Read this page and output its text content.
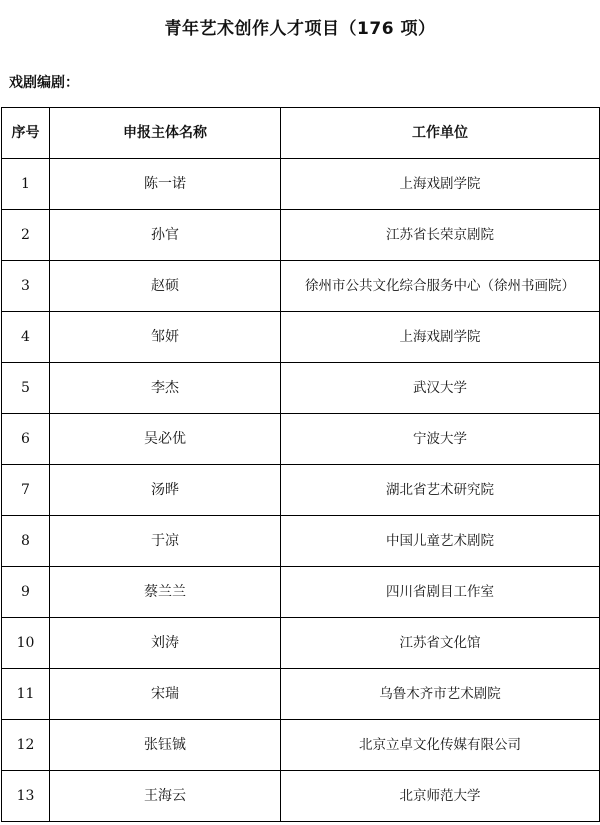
青年艺术创作人才项目（176 项）
戏剧编剧：
序号	申报主体名称	工作单位
1	陈一诺	上海戏剧学院
2	孙官	江苏省长荣京剧院
3	赵硕	徐州市公共文化综合服务中心（徐州书画院）
4	邹妍	上海戏剧学院
5	李杰	武汉大学
6	吴必优	宁波大学
7	汤晔	湖北省艺术研究院
8	于凉	中国儿童艺术剧院
9	蔡兰兰	四川省剧目工作室
10	刘涛	江苏省文化馆
11	宋瑞	乌鲁木齐市艺术剧院
12	张钰铖	北京立卓文化传媒有限公司
13	王海云	北京师范大学
